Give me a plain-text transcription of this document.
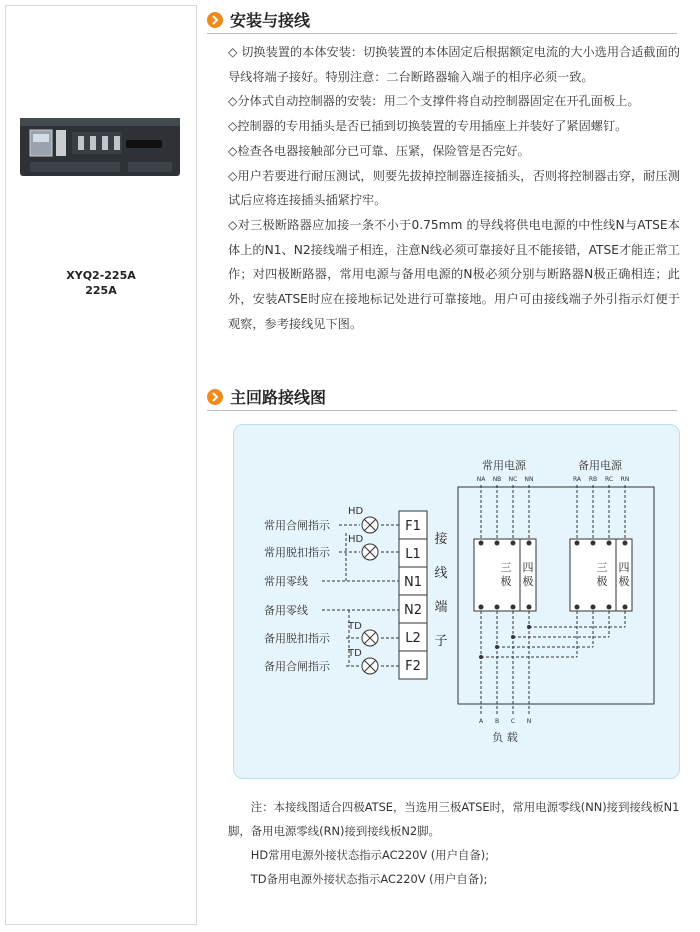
XYQ2-225A
225A
安装与接线

◇ 切换装置的本体安装：切换装置的本体固定后根据额定电流的大小选用合适截面的导线将端子接好。特别注意：二台断路器输入端子的相序必须一致。

◇分体式自动控制器的安装：用二个支撑件将自动控制器固定在开孔面板上。

◇控制器的专用插头是否已插到切换装置的专用插座上并装好了紧固螺钉。

◇检查各电器接触部分已可靠、压紧，保险管是否完好。

◇用户若要进行耐压测试，则要先拔掉控制器连接插头，否则将控制器击穿，耐压测试后应将连接插头插紧拧牢。

◇对三极断路器应加接一条不小于0.75mm 的导线将供电电源的中性线N与ATSE本体上的N1、N2接线端子相连，注意N线必须可靠接好且不能接错，ATSE才能正常工作；对四极断路器，常用电源与备用电源的N极必须分别与断路器N极正确相连；此外，安装ATSE时应在接地标记处进行可靠接地。用户可由接线端子外引指示灯便于观察，参考接线见下图。

主回路接线图
常用合闸指示
常用脱扣指示
常用零线
备用零线
备用脱扣指示
备用合闸指示
HD
HD
TD
TD
F1
L1
N1
N2
L2
F2
接
线
端
子
常用电源	备用电源
NA NB NC NN	RA RB RC RN
三
极
四
极
三
极
四
极
A B C N
负 载

注：本接线图适合四极ATSE，当选用三极ATSE时，常用电源零线(NN)接到接线板N1脚，备用电源零线(RN)接到接线板N2脚。

HD常用电源外接状态指示AC220V (用户自备);

TD备用电源外接状态指示AC220V (用户自备);
